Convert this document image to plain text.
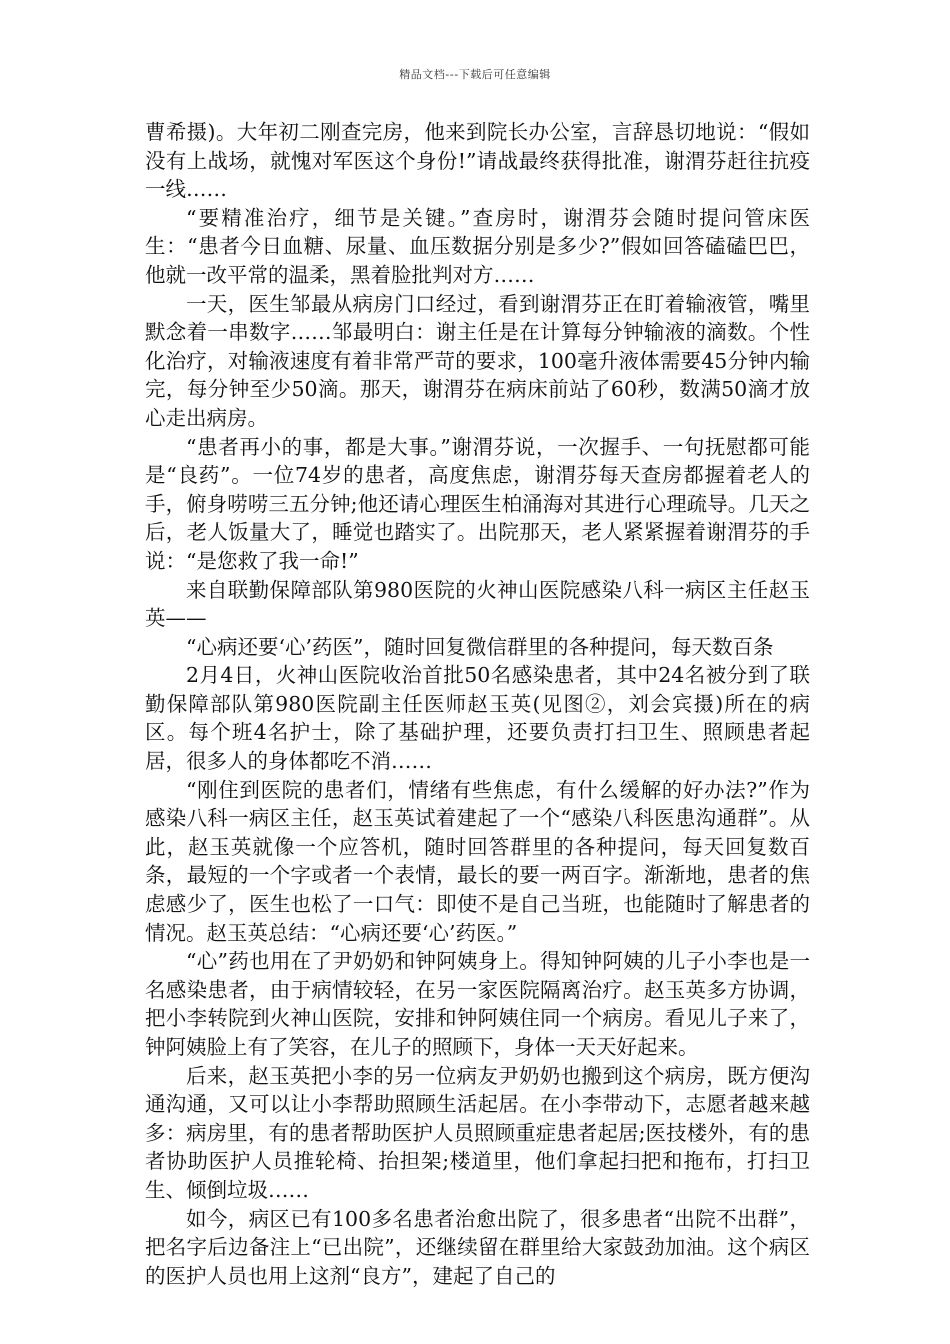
精品文档---下载后可任意编辑

曹希摄)。大年初二刚查完房，他来到院长办公室，言辞恳切地说：“假如没有上战场，就愧对军医这个身份!”请战最终获得批准，谢渭芬赶往抗疫一线……

“要精准治疗，细节是关键。”查房时，谢渭芬会随时提问管床医生：“患者今日血糖、尿量、血压数据分别是多少?”假如回答磕磕巴巴，他就一改平常的温柔，黑着脸批判对方……

一天，医生邹最从病房门口经过，看到谢渭芬正在盯着输液管，嘴里默念着一串数字……邹最明白：谢主任是在计算每分钟输液的滴数。个性化治疗，对输液速度有着非常严苛的要求，100毫升液体需要45分钟内输完，每分钟至少50滴。那天，谢渭芬在病床前站了60秒，数满50滴才放心走出病房。

“患者再小的事，都是大事。”谢渭芬说，一次握手、一句抚慰都可能是“良药”。一位74岁的患者，高度焦虑，谢渭芬每天查房都握着老人的手，俯身唠唠三五分钟;他还请心理医生柏涌海对其进行心理疏导。几天之后，老人饭量大了，睡觉也踏实了。出院那天，老人紧紧握着谢渭芬的手说：“是您救了我一命!”

来自联勤保障部队第980医院的火神山医院感染八科一病区主任赵玉英——

“心病还要‘心’药医”，随时回复微信群里的各种提问，每天数百条

2月4日，火神山医院收治首批50名感染患者，其中24名被分到了联勤保障部队第980医院副主任医师赵玉英(见图②，刘会宾摄)所在的病区。每个班4名护士，除了基础护理，还要负责打扫卫生、照顾患者起居，很多人的身体都吃不消……

“刚住到医院的患者们，情绪有些焦虑，有什么缓解的好办法?”作为感染八科一病区主任，赵玉英试着建起了一个“感染八科医患沟通群”。从此，赵玉英就像一个应答机，随时回答群里的各种提问，每天回复数百条，最短的一个字或者一个表情，最长的要一两百字。渐渐地，患者的焦虑感少了，医生也松了一口气：即使不是自己当班，也能随时了解患者的情况。赵玉英总结：“心病还要‘心’药医。”

“心”药也用在了尹奶奶和钟阿姨身上。得知钟阿姨的儿子小李也是一名感染患者，由于病情较轻，在另一家医院隔离治疗。赵玉英多方协调，把小李转院到火神山医院，安排和钟阿姨住同一个病房。看见儿子来了，钟阿姨脸上有了笑容，在儿子的照顾下，身体一天天好起来。

后来，赵玉英把小李的另一位病友尹奶奶也搬到这个病房，既方便沟通沟通，又可以让小李帮助照顾生活起居。在小李带动下，志愿者越来越多：病房里，有的患者帮助医护人员照顾重症患者起居;医技楼外，有的患者协助医护人员推轮椅、抬担架;楼道里，他们拿起扫把和拖布，打扫卫生、倾倒垃圾……

如今，病区已有100多名患者治愈出院了，很多患者“出院不出群”，把名字后边备注上“已出院”，还继续留在群里给大家鼓劲加油。这个病区的医护人员也用上这剂“良方”，建起了自己的
